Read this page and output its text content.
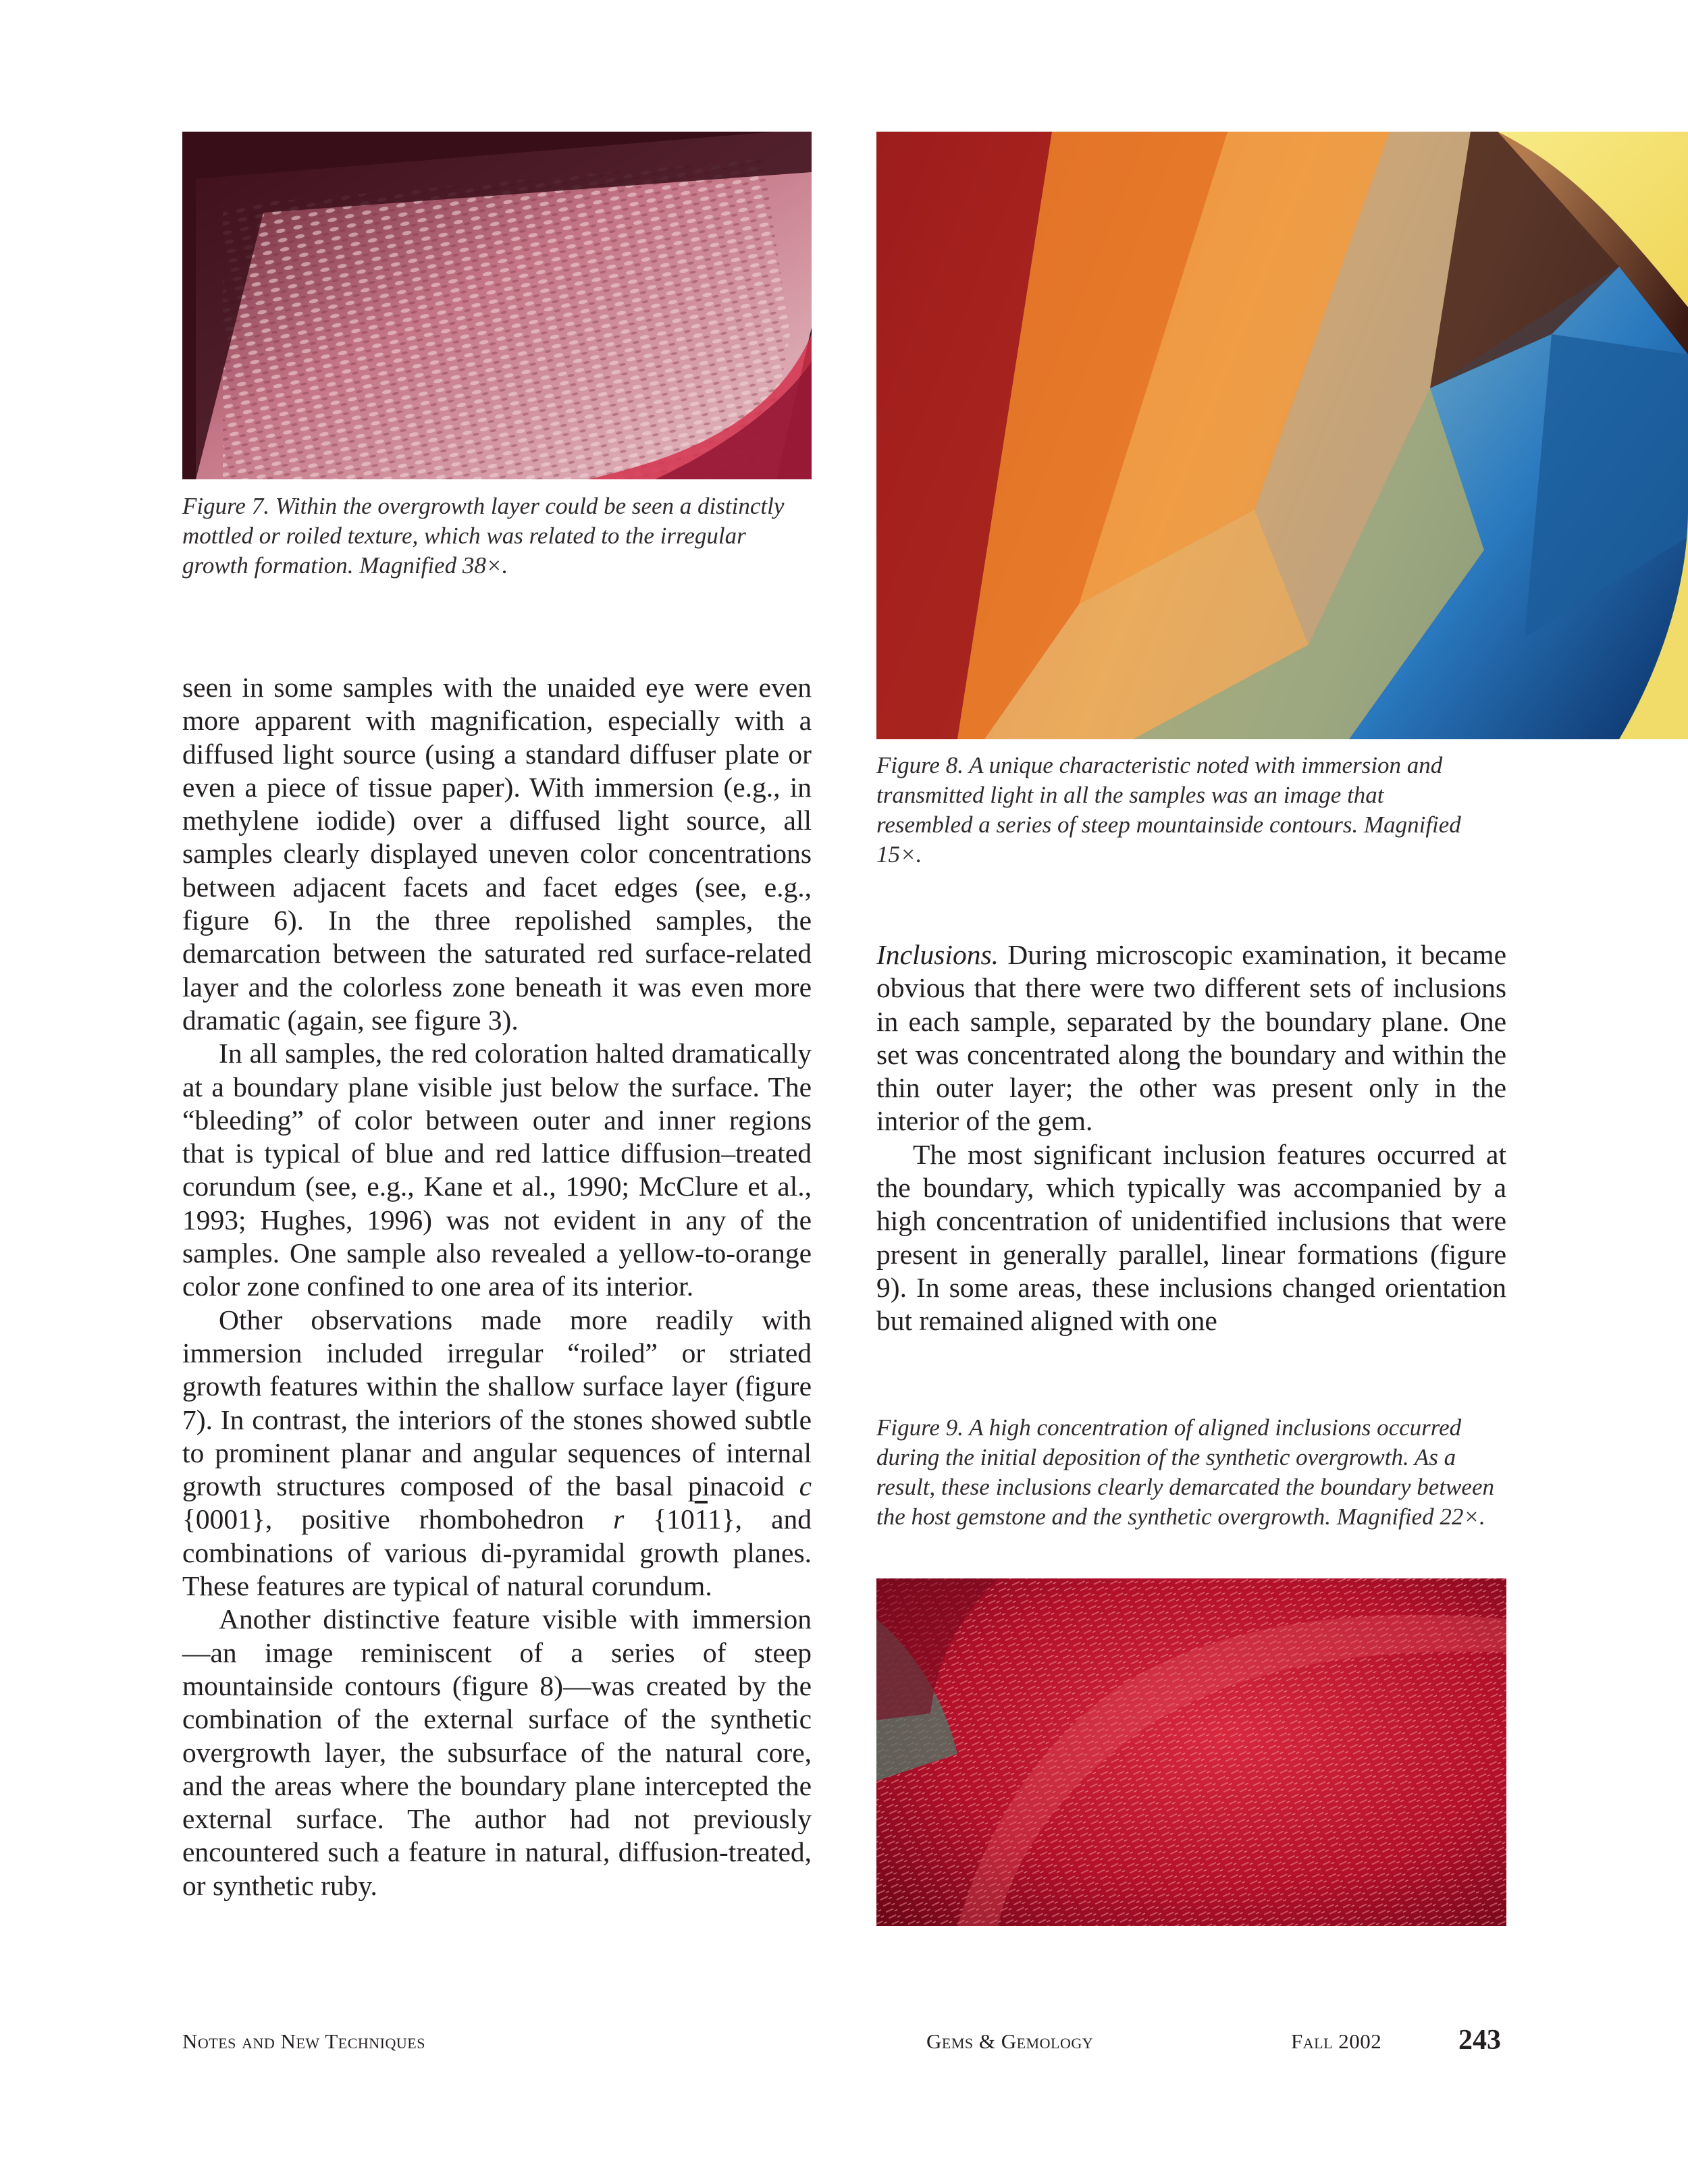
Figure 7. Within the overgrowth layer could be seen a distinctly mottled or roiled texture, which was related to the irregular growth formation. Magnified 38×.

Figure 8. A unique characteristic noted with immersion and transmitted light in all the samples was an image that resembled a series of steep mountainside contours. Magnified 15×.

seen in some samples with the unaided eye were even more apparent with magnification, especially with a diffused light source (using a standard diffuser plate or even a piece of tissue paper). With immersion (e.g., in methylene iodide) over a diffused light source, all samples clearly displayed uneven color concentrations between adjacent facets and facet edges (see, e.g., figure 6). In the three repolished samples, the demarcation between the saturated red surface-related layer and the colorless zone beneath it was even more dramatic (again, see figure 3).

In all samples, the red coloration halted dramatically at a boundary plane visible just below the surface. The “bleeding” of color between outer and inner regions that is typical of blue and red lattice diffusion–treated corundum (see, e.g., Kane et al., 1990; McClure et al., 1993; Hughes, 1996) was not evident in any of the samples. One sample also revealed a yellow-to-orange color zone confined to one area of its interior.

Other observations made more readily with immersion included irregular “roiled” or striated growth features within the shallow surface layer (figure 7). In contrast, the interiors of the stones showed subtle to prominent planar and angular sequences of internal growth structures composed of the basal pinacoid c {0001}, positive rhombohedron r {1011}, and combinations of various di-pyramidal growth planes. These features are typical of natural corundum.

Another distinctive feature visible with immersion—an image reminiscent of a series of steep mountainside contours (figure 8)—was created by the combination of the external surface of the synthetic overgrowth layer, the subsurface of the natural core, and the areas where the boundary plane intercepted the external surface. The author had not previously encountered such a feature in natural, diffusion-treated, or synthetic ruby.

Inclusions. During microscopic examination, it became obvious that there were two different sets of inclusions in each sample, separated by the boundary plane. One set was concentrated along the boundary and within the thin outer layer; the other was present only in the interior of the gem.

The most significant inclusion features occurred at the boundary, which typically was accompanied by a high concentration of unidentified inclusions that were present in generally parallel, linear formations (figure 9). In some areas, these inclusions changed orientation but remained aligned with one

Figure 9. A high concentration of aligned inclusions occurred during the initial deposition of the synthetic overgrowth. As a result, these inclusions clearly demarcated the boundary between the host gemstone and the synthetic overgrowth. Magnified 22×.

Notes and New Techniques	Gems & Gemology	Fall 2002	243
